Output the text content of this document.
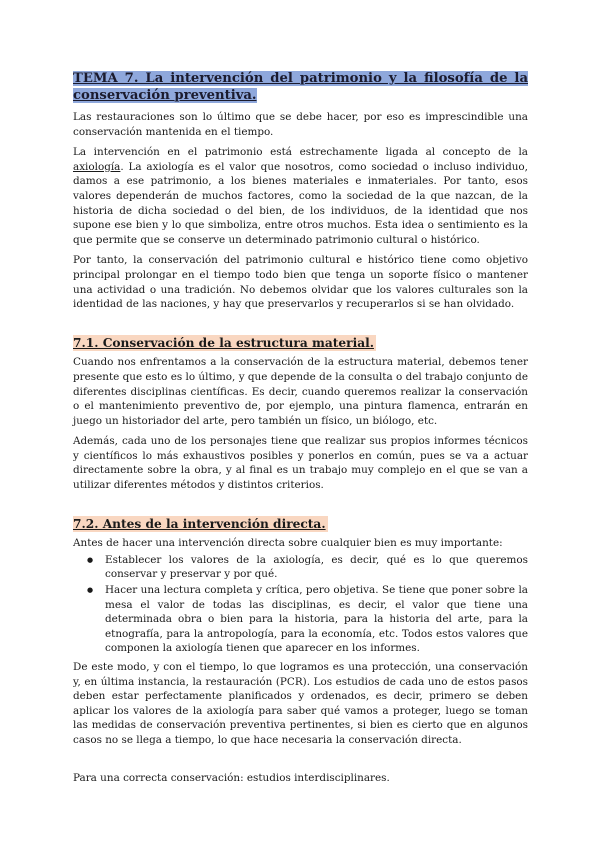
TEMA 7. La intervención del patrimonio y la filosofía de la conservación preventiva.

Las restauraciones son lo último que se debe hacer, por eso es imprescindible una conservación mantenida en el tiempo.

La intervención en el patrimonio está estrechamente ligada al concepto de la axiología. La axiología es el valor que nosotros, como sociedad o incluso individuo, damos a ese patrimonio, a los bienes materiales e inmateriales. Por tanto, esos valores dependerán de muchos factores, como la sociedad de la que nazcan, de la historia de dicha sociedad o del bien, de los individuos, de la identidad que nos supone ese bien y lo que simboliza, entre otros muchos. Esta idea o sentimiento es la que permite que se conserve un determinado patrimonio cultural o histórico.

Por tanto, la conservación del patrimonio cultural e histórico tiene como objetivo principal prolongar en el tiempo todo bien que tenga un soporte físico o mantener una actividad o una tradición. No debemos olvidar que los valores culturales son la identidad de las naciones, y hay que preservarlos y recuperarlos si se han olvidado.

7.1. Conservación de la estructura material.

Cuando nos enfrentamos a la conservación de la estructura material, debemos tener presente que esto es lo último, y que depende de la consulta o del trabajo conjunto de diferentes disciplinas científicas. Es decir, cuando queremos realizar la conservación o el mantenimiento preventivo de, por ejemplo, una pintura flamenca, entrarán en juego un historiador del arte, pero también un físico, un biólogo, etc.

Además, cada uno de los personajes tiene que realizar sus propios informes técnicos y científicos lo más exhaustivos posibles y ponerlos en común, pues se va a actuar directamente sobre la obra, y al final es un trabajo muy complejo en el que se van a utilizar diferentes métodos y distintos criterios.

7.2. Antes de la intervención directa.

Antes de hacer una intervención directa sobre cualquier bien es muy importante:

● Establecer los valores de la axiología, es decir, qué es lo que queremos conservar y preservar y por qué.
● Hacer una lectura completa y crítica, pero objetiva. Se tiene que poner sobre la mesa el valor de todas las disciplinas, es decir, el valor que tiene una determinada obra o bien para la historia, para la historia del arte, para la etnografía, para la antropología, para la economía, etc. Todos estos valores que componen la axiología tienen que aparecer en los informes.

De este modo, y con el tiempo, lo que logramos es una protección, una conservación y, en última instancia, la restauración (PCR). Los estudios de cada uno de estos pasos deben estar perfectamente planificados y ordenados, es decir, primero se deben aplicar los valores de la axiología para saber qué vamos a proteger, luego se toman las medidas de conservación preventiva pertinentes, si bien es cierto que en algunos casos no se llega a tiempo, lo que hace necesaria la conservación directa.

Para una correcta conservación: estudios interdisciplinares.
